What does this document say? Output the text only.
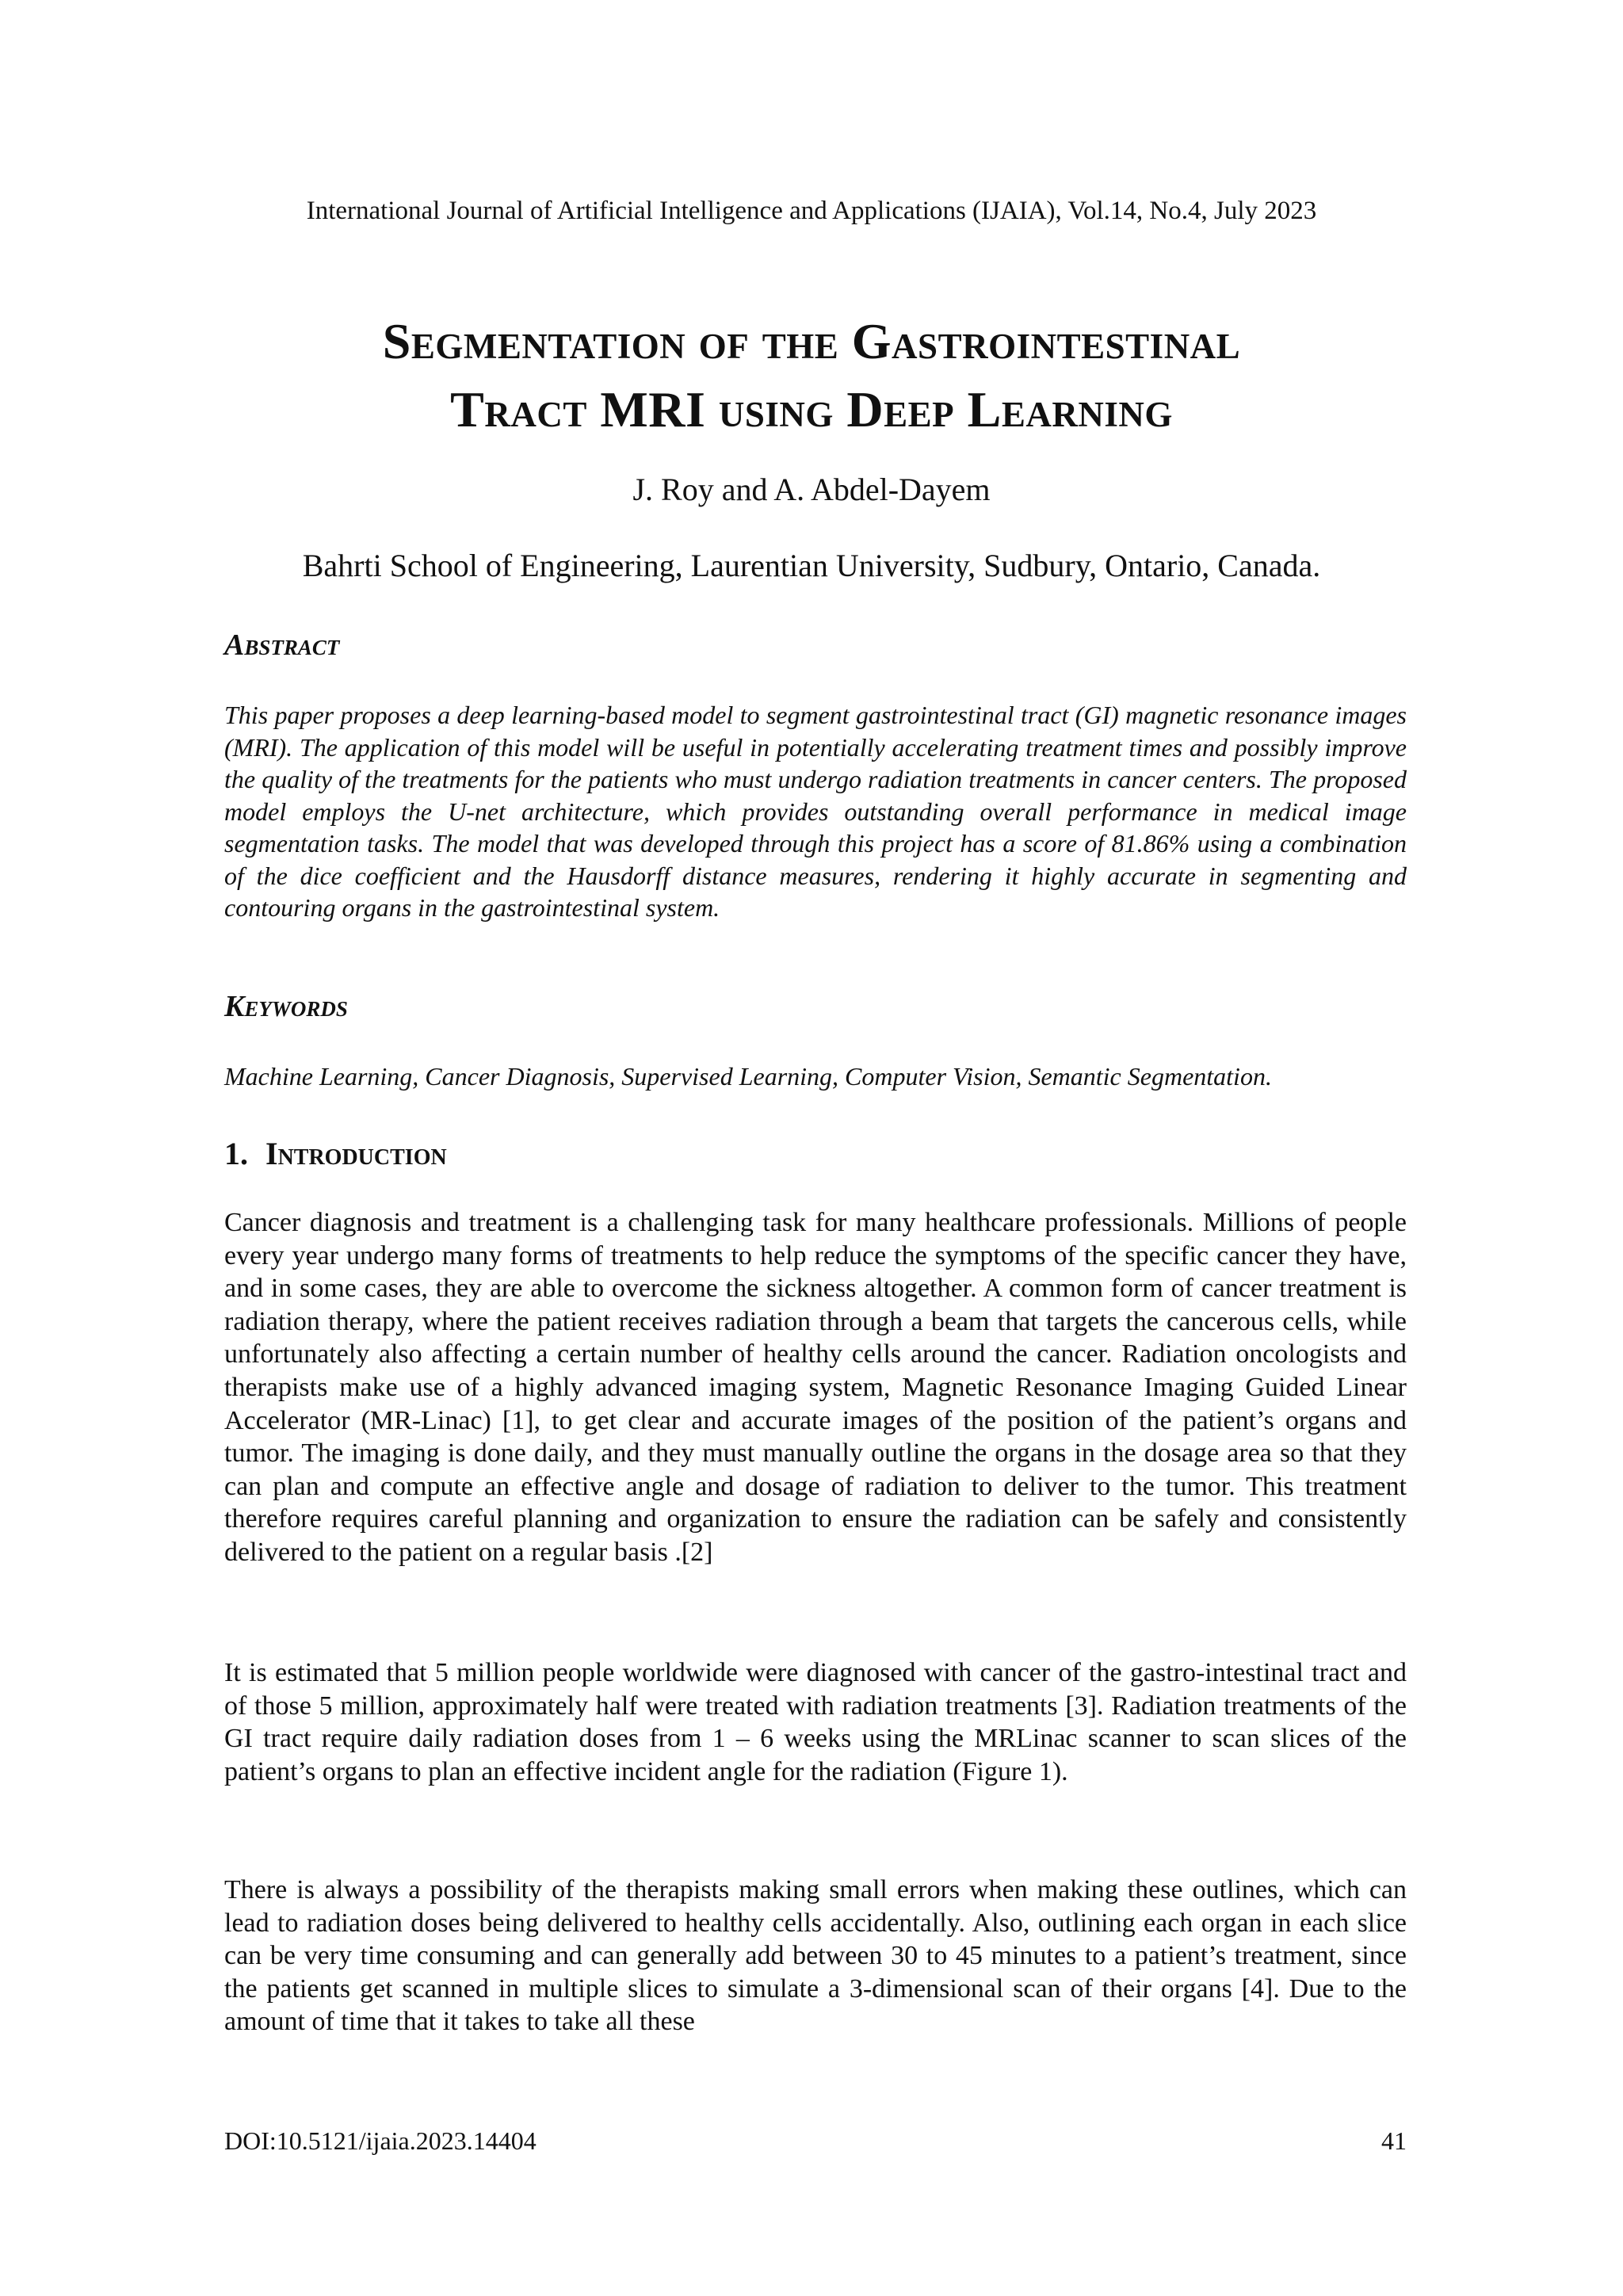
International Journal of Artificial Intelligence and Applications (IJAIA), Vol.14, No.4, July 2023
Segmentation of the Gastrointestinal
Tract MRI using Deep Learning
J. Roy and A. Abdel-Dayem
Bahrti School of Engineering, Laurentian University, Sudbury, Ontario, Canada.
Abstract

This paper proposes a deep learning-based model to segment gastrointestinal tract (GI) magnetic resonance images (MRI). The application of this model will be useful in potentially accelerating treatment times and possibly improve the quality of the treatments for the patients who must undergo radiation treatments in cancer centers. The proposed model employs the U-net architecture, which provides outstanding overall performance in medical image segmentation tasks. The model that was developed through this project has a score of 81.86% using a combination of the dice coefficient and the Hausdorff distance measures, rendering it highly accurate in segmenting and contouring organs in the gastrointestinal system.

Keywords

Machine Learning, Cancer Diagnosis, Supervised Learning, Computer Vision, Semantic Segmentation.

1. Introduction

Cancer diagnosis and treatment is a challenging task for many healthcare professionals. Millions of people every year undergo many forms of treatments to help reduce the symptoms of the specific cancer they have, and in some cases, they are able to overcome the sickness altogether. A common form of cancer treatment is radiation therapy, where the patient receives radiation through a beam that targets the cancerous cells, while unfortunately also affecting a certain number of healthy cells around the cancer. Radiation oncologists and therapists make use of a highly advanced imaging system, Magnetic Resonance Imaging Guided Linear Accelerator (MR-Linac) [1], to get clear and accurate images of the position of the patient’s organs and tumor. The imaging is done daily, and they must manually outline the organs in the dosage area so that they can plan and compute an effective angle and dosage of radiation to deliver to the tumor. This treatment therefore requires careful planning and organization to ensure the radiation can be safely and consistently delivered to the patient on a regular basis .[2]

It is estimated that 5 million people worldwide were diagnosed with cancer of the gastro-intestinal tract and of those 5 million, approximately half were treated with radiation treatments [3]. Radiation treatments of the GI tract require daily radiation doses from 1 – 6 weeks using the MRLinac scanner to scan slices of the patient’s organs to plan an effective incident angle for the radiation (Figure 1).

There is always a possibility of the therapists making small errors when making these outlines, which can lead to radiation doses being delivered to healthy cells accidentally. Also, outlining each organ in each slice can be very time consuming and can generally add between 30 to 45 minutes to a patient’s treatment, since the patients get scanned in multiple slices to simulate a 3-dimensional scan of their organs [4]. Due to the amount of time that it takes to take all these

DOI:10.5121/ijaia.2023.14404	41
